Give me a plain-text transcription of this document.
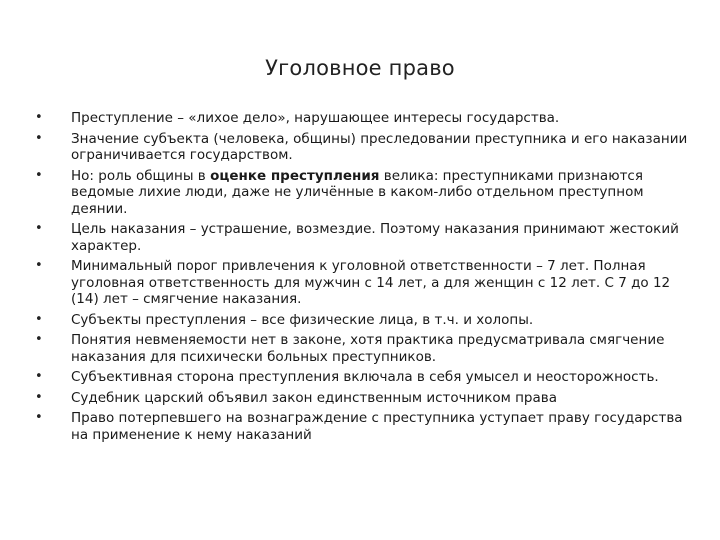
Уголовное право
•	Преступление – «лихое дело», нарушающее интересы государства.
•	Значение субъекта (человека, общины) преследовании преступника и его наказании ограничивается государством.
•	Но: роль общины в оценке преступления велика: преступниками признаются ведомые лихие люди, даже не уличённые в каком-либо отдельном преступном деянии.
•	Цель наказания – устрашение, возмездие. Поэтому наказания принимают жестокий характер.
•	Минимальный порог привлечения к уголовной ответственности – 7 лет. Полная уголовная ответственность для мужчин с 14 лет, а для женщин с 12 лет. С 7 до 12 (14) лет – смягчение наказания.
•	Субъекты преступления – все физические лица, в т.ч. и холопы.
•	Понятия невменяемости нет в законе, хотя практика предусматривала смягчение наказания для психически больных преступников.
•	Субъективная сторона преступления включала в себя умысел и неосторожность.
•	Судебник царский объявил закон единственным источником права
•	Право потерпевшего на вознаграждение с преступника уступает праву государства на применение к нему наказаний
